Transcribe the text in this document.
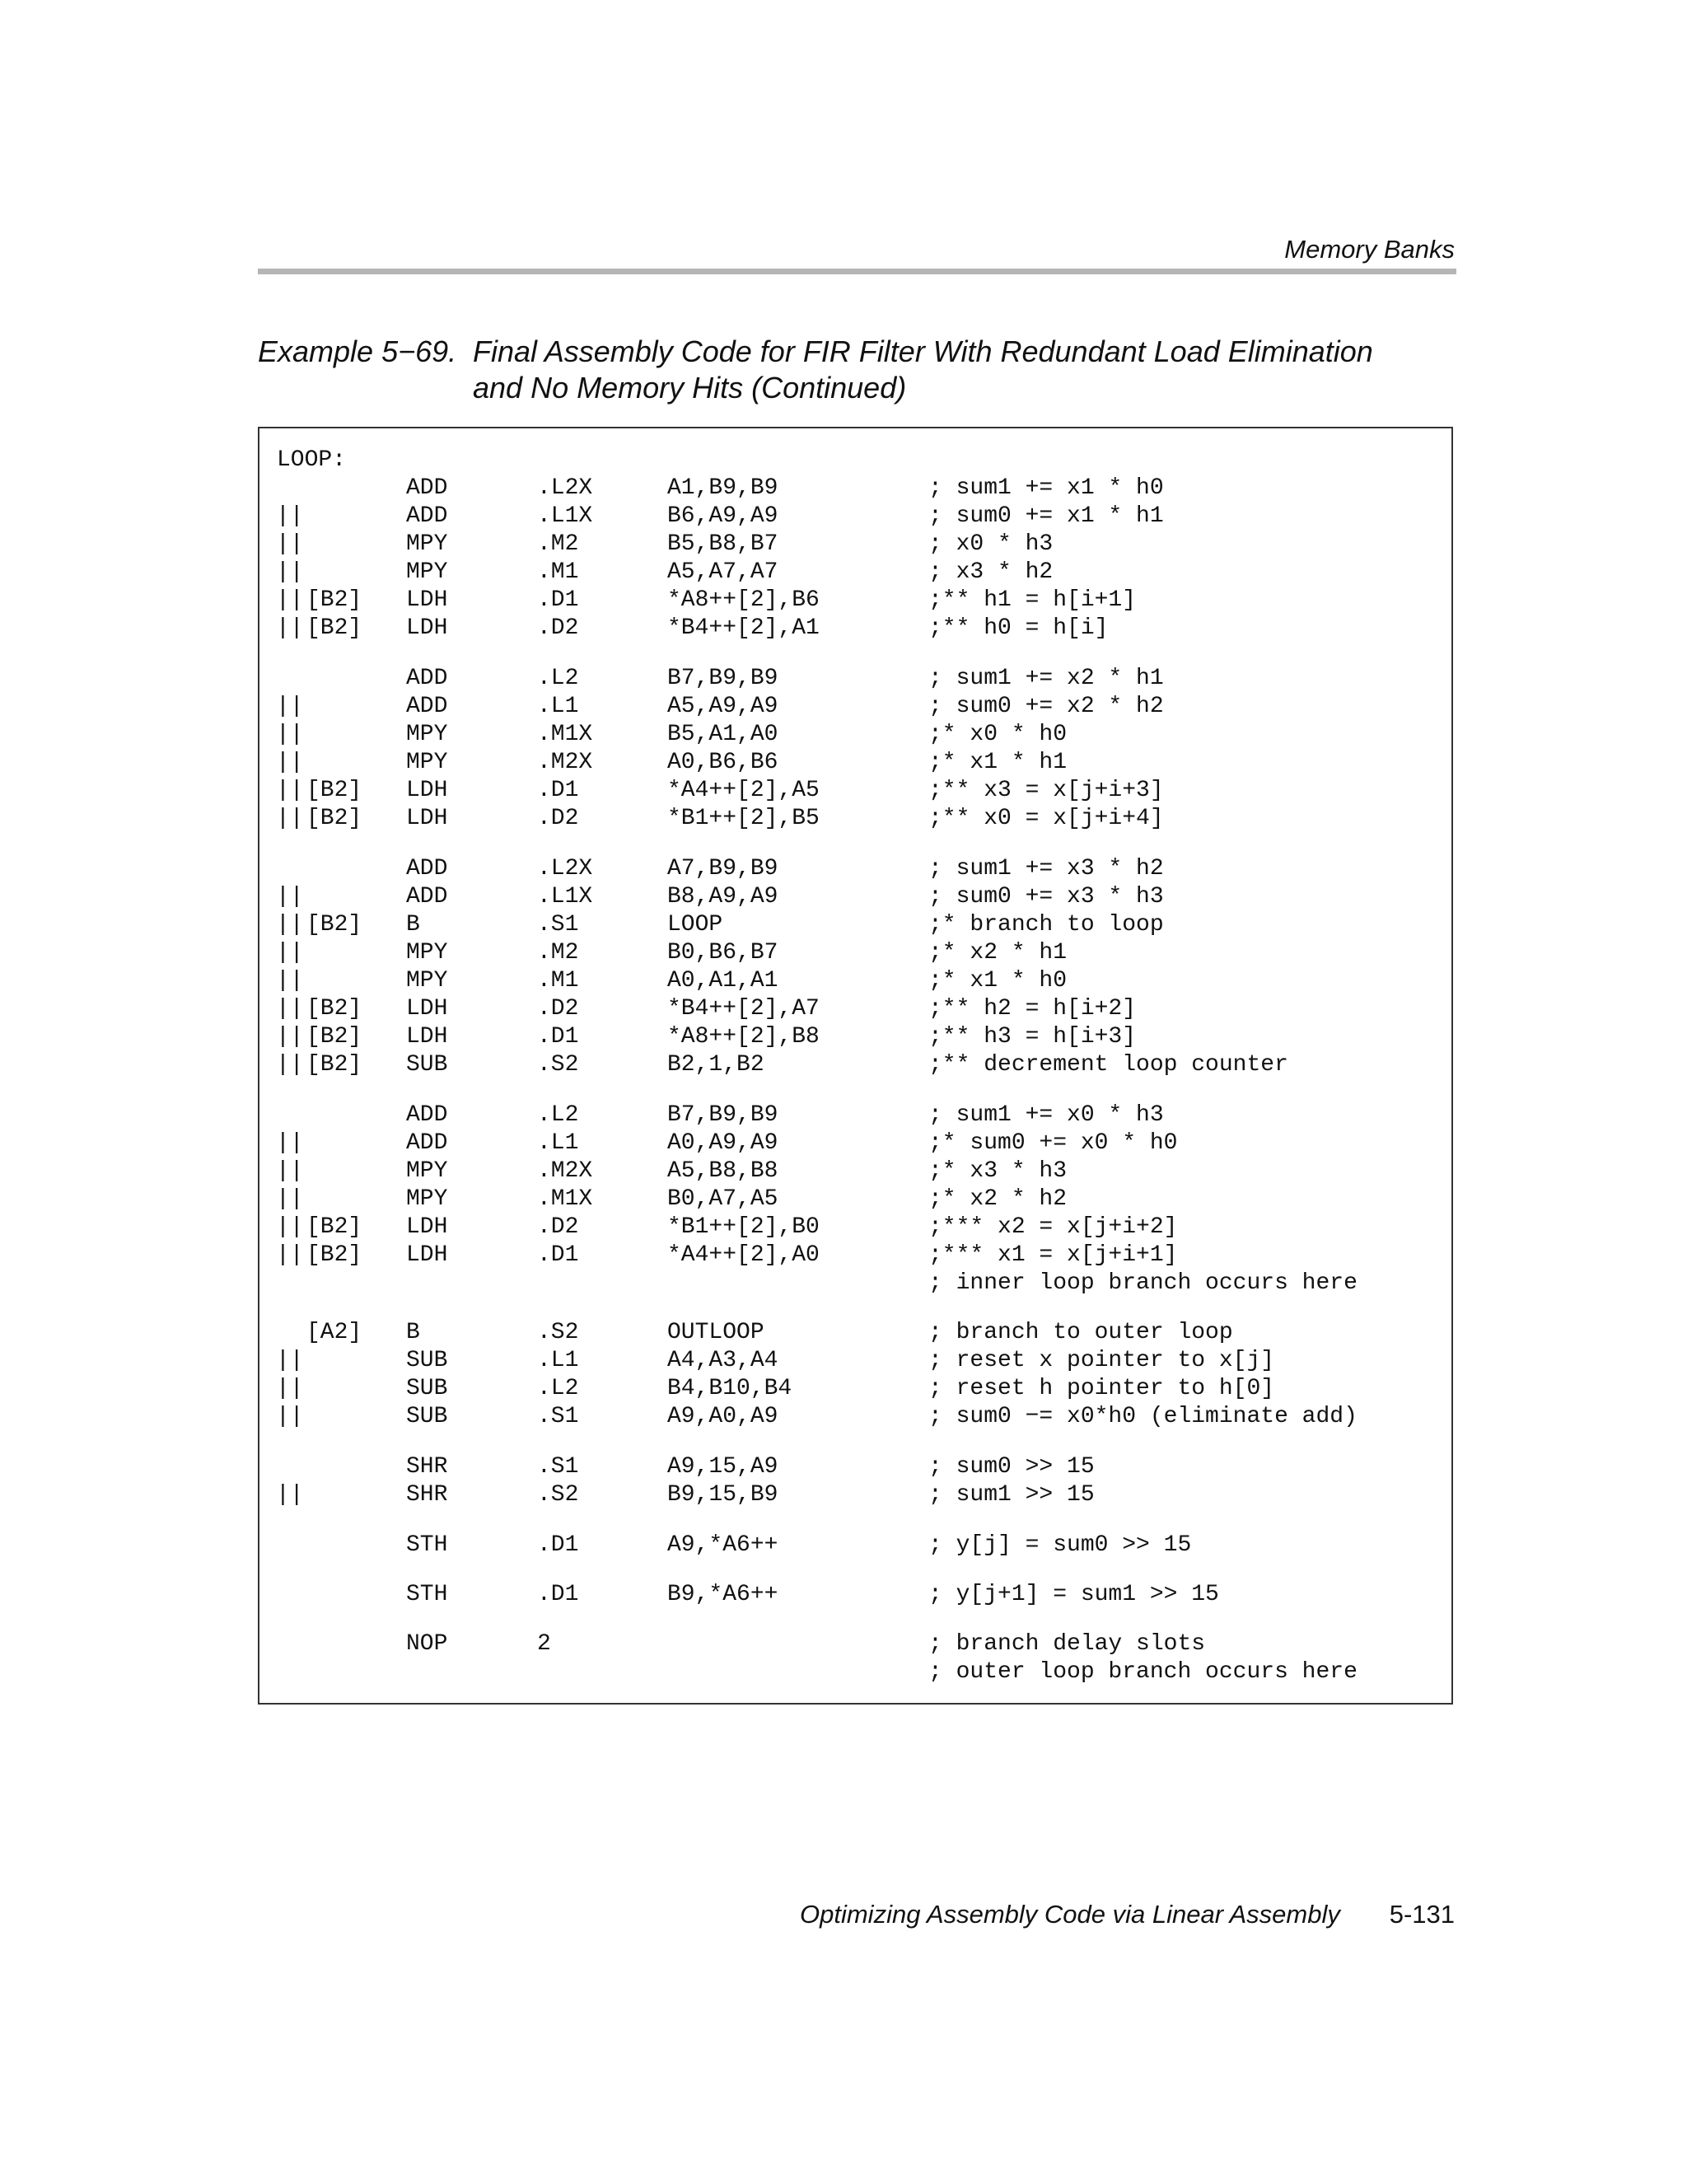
Memory Banks
Example 5−69. Final Assembly Code for FIR Filter With Redundant Load Elimination
and No Memory Hits (Continued)
LOOP:
ADD	.L2X	A1,B9,B9	; sum1 += x1 * h0
||	ADD	.L1X	B6,A9,A9	; sum0 += x1 * h1
||	MPY	.M2	B5,B8,B7	; x0 * h3
||	MPY	.M1	A5,A7,A7	; x3 * h2
|| [B2] LDH	.D1	*A8++[2],B6	;** h1 = h[i+1]
|| [B2] LDH	.D2	*B4++[2],A1	;** h0 = h[i]
ADD	.L2	B7,B9,B9	; sum1 += x2 * h1
||	ADD	.L1	A5,A9,A9	; sum0 += x2 * h2
||	MPY	.M1X	B5,A1,A0	;* x0 * h0
||	MPY	.M2X	A0,B6,B6	;* x1 * h1
|| [B2] LDH	.D1	*A4++[2],A5	;** x3 = x[j+i+3]
|| [B2] LDH	.D2	*B1++[2],B5	;** x0 = x[j+i+4]
ADD	.L2X	A7,B9,B9	; sum1 += x3 * h2
||	ADD	.L1X	B8,A9,A9	; sum0 += x3 * h3
|| [B2] B	.S1	LOOP	;* branch to loop
||	MPY	.M2	B0,B6,B7	;* x2 * h1
||	MPY	.M1	A0,A1,A1	;* x1 * h0
|| [B2] LDH	.D2	*B4++[2],A7	;** h2 = h[i+2]
|| [B2] LDH	.D1	*A8++[2],B8	;** h3 = h[i+3]
|| [B2] SUB	.S2	B2,1,B2	;** decrement loop counter
ADD	.L2	B7,B9,B9	; sum1 += x0 * h3
||	ADD	.L1	A0,A9,A9	;* sum0 += x0 * h0
||	MPY	.M2X	A5,B8,B8	;* x3 * h3
||	MPY	.M1X	B0,A7,A5	;* x2 * h2
|| [B2] LDH	.D2	*B1++[2],B0	;*** x2 = x[j+i+2]
|| [B2] LDH	.D1	*A4++[2],A0	;*** x1 = x[j+i+1]
; inner loop branch occurs here
[A2] B	.S2	OUTLOOP	; branch to outer loop
||	SUB	.L1	A4,A3,A4	; reset x pointer to x[j]
||	SUB	.L2	B4,B10,B4	; reset h pointer to h[0]
||	SUB	.S1	A9,A0,A9	; sum0 −= x0*h0 (eliminate add)
SHR	.S1	A9,15,A9	; sum0 >> 15
||	SHR	.S2	B9,15,B9	; sum1 >> 15
STH	.D1	A9,*A6++	; y[j] = sum0 >> 15
STH	.D1	B9,*A6++	; y[j+1] = sum1 >> 15
NOP	2	; branch delay slots
; outer loop branch occurs here
Optimizing Assembly Code via Linear Assembly 5-131
